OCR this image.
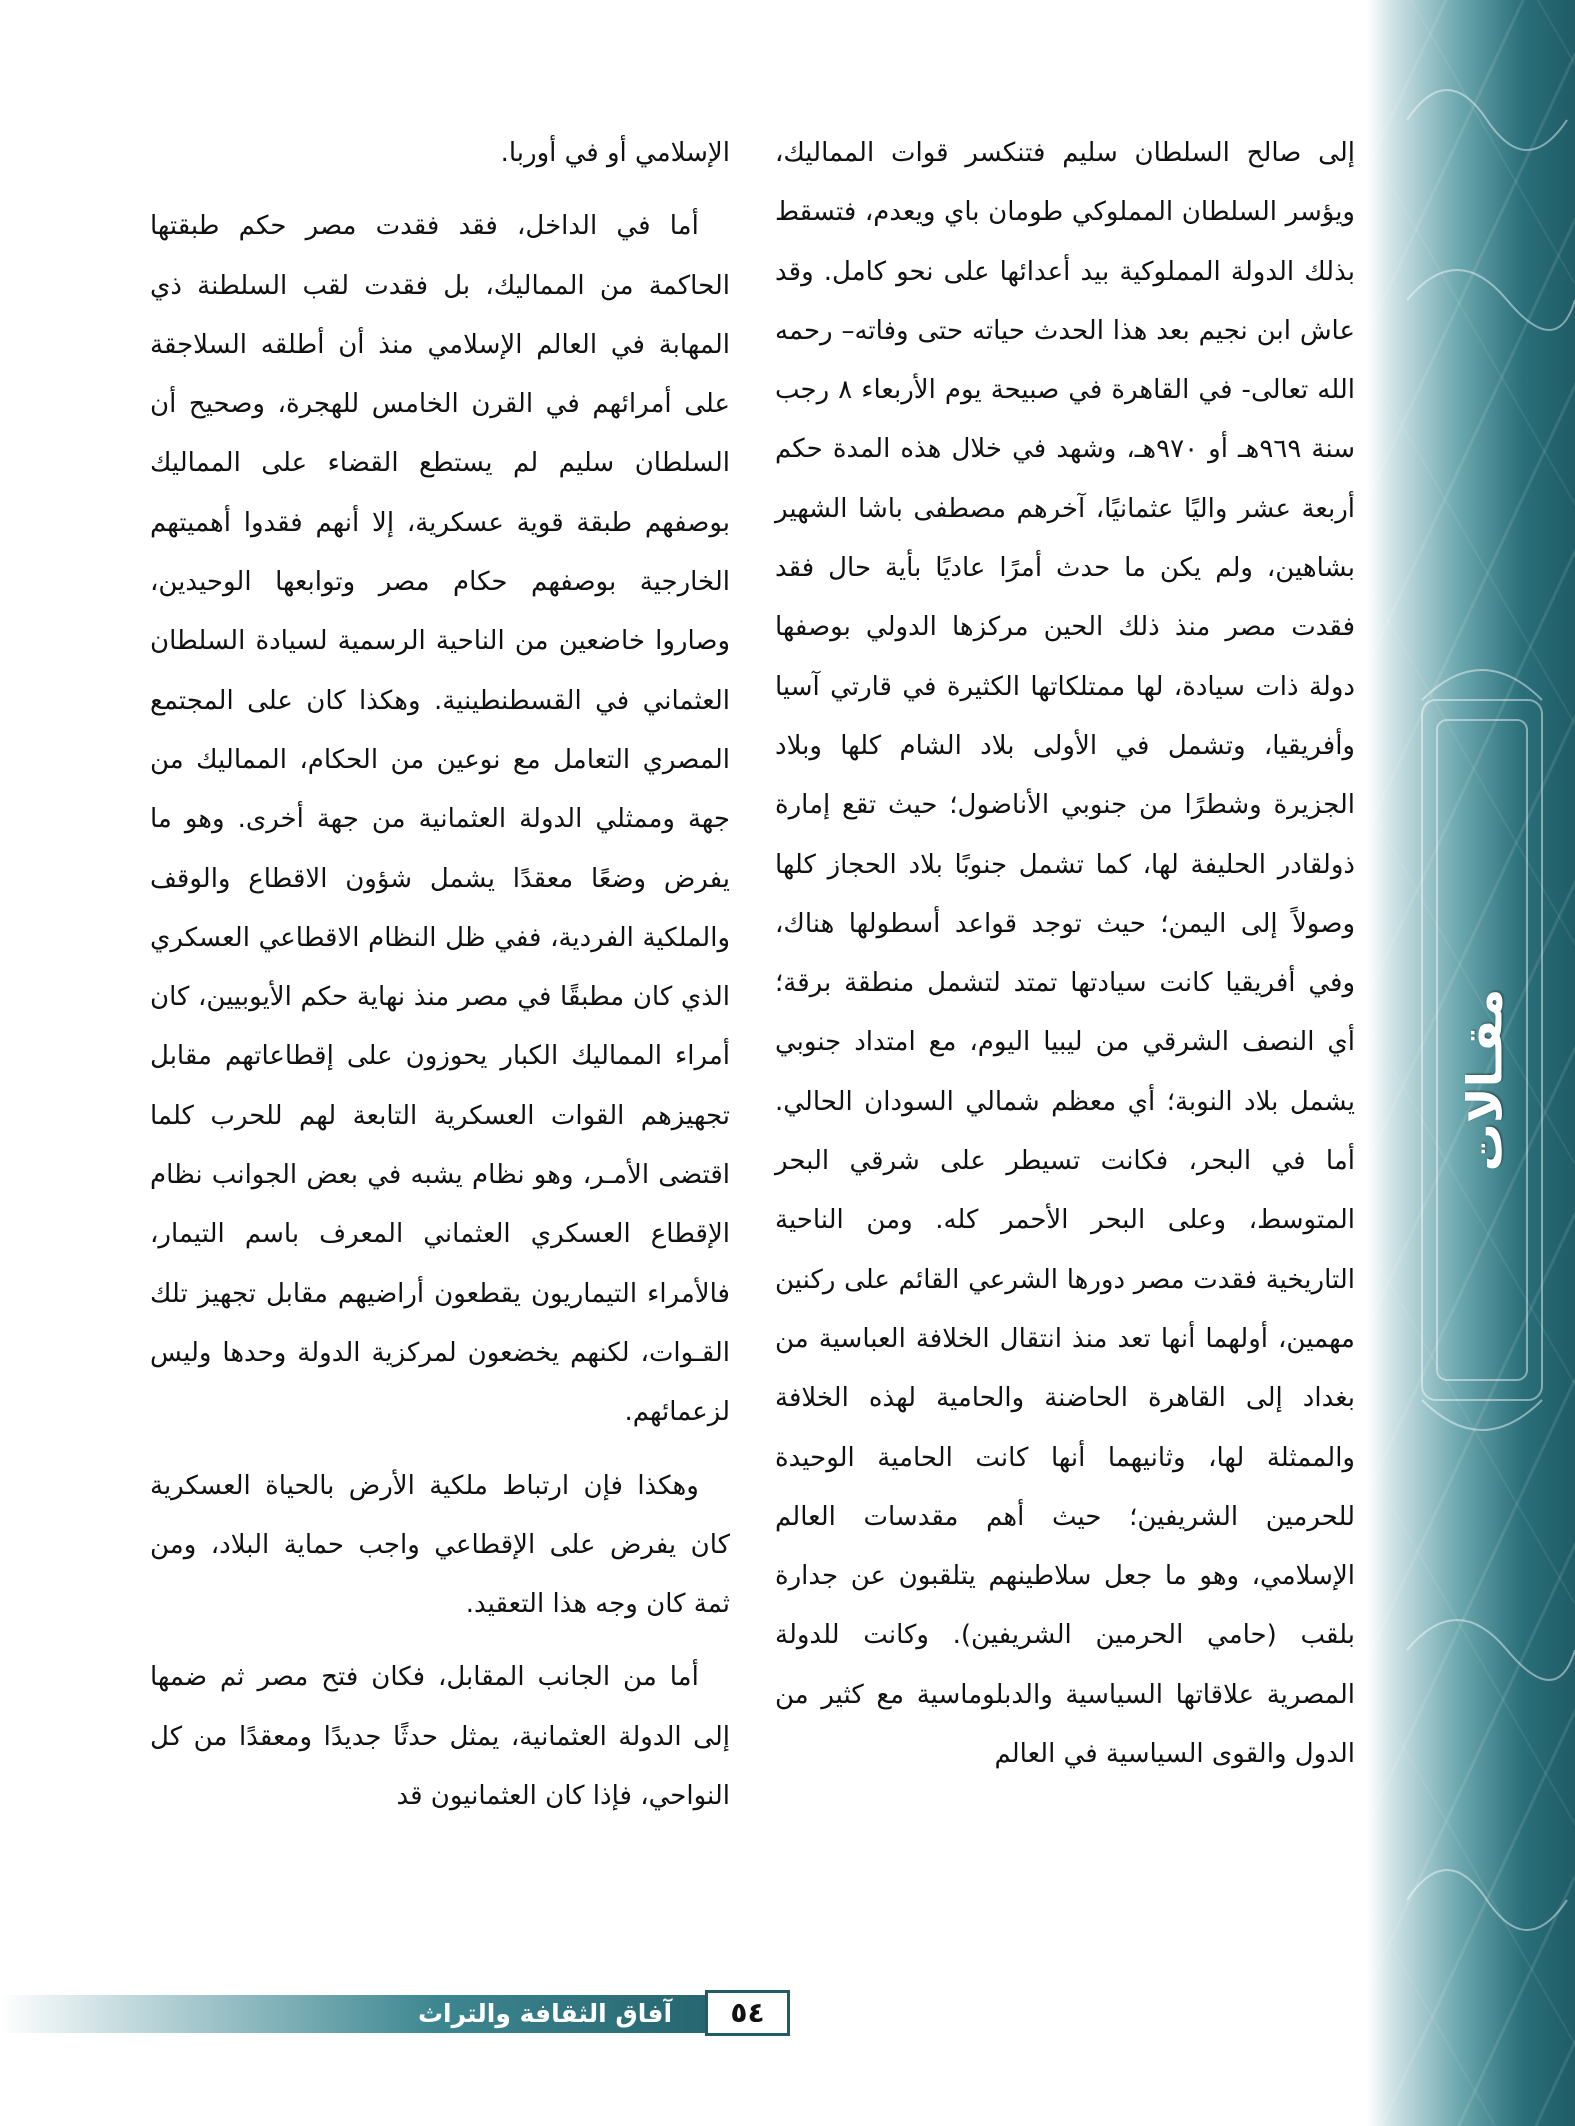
مقـالات

إلى صالح السلطان سليم فتنكسر قوات المماليك، ويؤسر السلطان المملوكي طومان باي ويعدم، فتسقط بذلك الدولة المملوكية بيد أعدائها على نحو كامل. وقد عاش ابن نجيم بعد هذا الحدث حياته حتى وفاته– رحمه الله تعالى- في القاهرة في صبيحة يوم الأربعاء ٨ رجب سنة ٩٦٩هـ أو ٩٧٠هـ، وشهد في خلال هذه المدة حكم أربعة عشر واليًا عثمانيًا، آخرهم مصطفى باشا الشهير بشاهين، ولم يكن ما حدث أمرًا عاديًا بأية حال فقد فقدت مصر منذ ذلك الحين مركزها الدولي بوصفها دولة ذات سيادة، لها ممتلكاتها الكثيرة في قارتي آسيا وأفريقيا، وتشمل في الأولى بلاد الشام كلها وبلاد الجزيرة وشطرًا من جنوبي الأناضول؛ حيث تقع إمارة ذولقادر الحليفة لها، كما تشمل جنوبًا بلاد الحجاز كلها وصولاً إلى اليمن؛ حيث توجد قواعد أسطولها هناك، وفي أفريقيا كانت سيادتها تمتد لتشمل منطقة برقة؛ أي النصف الشرقي من ليبيا اليوم، مع امتداد جنوبي يشمل بلاد النوبة؛ أي معظم شمالي السودان الحالي. أما في البحر، فكانت تسيطر على شرقي البحر المتوسط، وعلى البحر الأحمر كله. ومن الناحية التاريخية فقدت مصر دورها الشرعي القائم على ركنين مهمين، أولهما أنها تعد منذ انتقال الخلافة العباسية من بغداد إلى القاهرة الحاضنة والحامية لهذه الخلافة والممثلة لها، وثانيهما أنها كانت الحامية الوحيدة للحرمين الشريفين؛ حيث أهم مقدسات العالم الإسلامي، وهو ما جعل سلاطينهم يتلقبون عن جدارة بلقب (حامي الحرمين الشريفين). وكانت للدولة المصرية علاقاتها السياسية والدبلوماسية مع كثير من الدول والقوى السياسية في العالم

الإسلامي أو في أوربا.

أما في الداخل، فقد فقدت مصر حكم طبقتها الحاكمة من المماليك، بل فقدت لقب السلطنة ذي المهابة في العالم الإسلامي منذ أن أطلقه السلاجقة على أمرائهم في القرن الخامس للهجرة، وصحيح أن السلطان سليم لم يستطع القضاء على المماليك بوصفهم طبقة قوية عسكرية، إلا أنهم فقدوا أهميتهم الخارجية بوصفهم حكام مصر وتوابعها الوحيدين، وصاروا خاضعين من الناحية الرسمية لسيادة السلطان العثماني في القسطنطينية. وهكذا كان على المجتمع المصري التعامل مع نوعين من الحكام، المماليك من جهة وممثلي الدولة العثمانية من جهة أخرى. وهو ما يفرض وضعًا معقدًا يشمل شؤون الاقطاع والوقف والملكية الفردية، ففي ظل النظام الاقطاعي العسكري الذي كان مطبقًا في مصر منذ نهاية حكم الأيوبيين، كان أمراء المماليك الكبار يحوزون على إقطاعاتهم مقابل تجهيزهم القوات العسكرية التابعة لهم للحرب كلما اقتضى الأمـر، وهو نظام يشبه في بعض الجوانب نظام الإقطاع العسكري العثماني المعرف باسم التيمار، فالأمراء التيماريون يقطعون أراضيهم مقابل تجهيز تلك القـوات، لكنهم يخضعون لمركزية الدولة وحدها وليس لزعمائهم.

وهكذا فإن ارتباط ملكية الأرض بالحياة العسكرية كان يفرض على الإقطاعي واجب حماية البلاد، ومن ثمة كان وجه هذا التعقيد.

أما من الجانب المقابل، فكان فتح مصر ثم ضمها إلى الدولة العثمانية، يمثل حدثًا جديدًا ومعقدًا من كل النواحي، فإذا كان العثمانيون قد

آفاق الثقافة والتراث	٥٤
